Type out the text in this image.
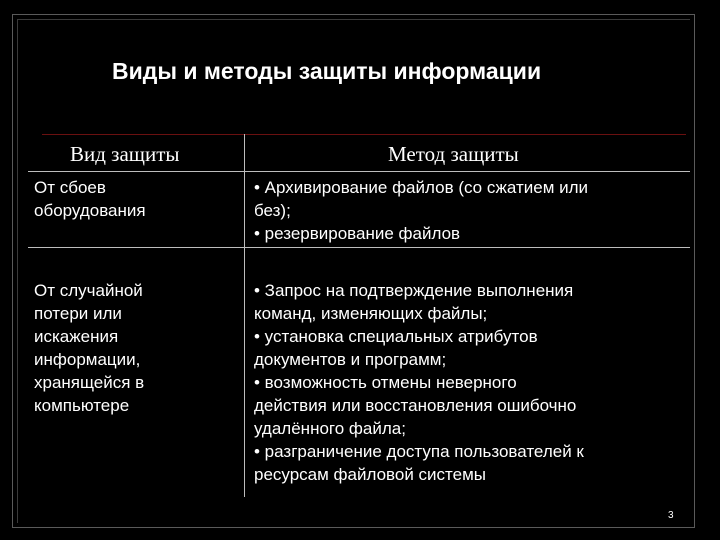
Виды и методы защиты информации
Вид защиты	Метод защиты
От сбоев
оборудования
• Архивирование файлов (со сжатием или
без);
• резервирование файлов
От случайной
потери или
искажения
информации,
хранящейся в
компьютере
• Запрос на подтверждение выполнения
команд, изменяющих файлы;
• установка специальных атрибутов
документов и программ;
• возможность отмены неверного
действия или восстановления ошибочно
удалённого файла;
• разграничение доступа пользователей к
ресурсам файловой системы
3
